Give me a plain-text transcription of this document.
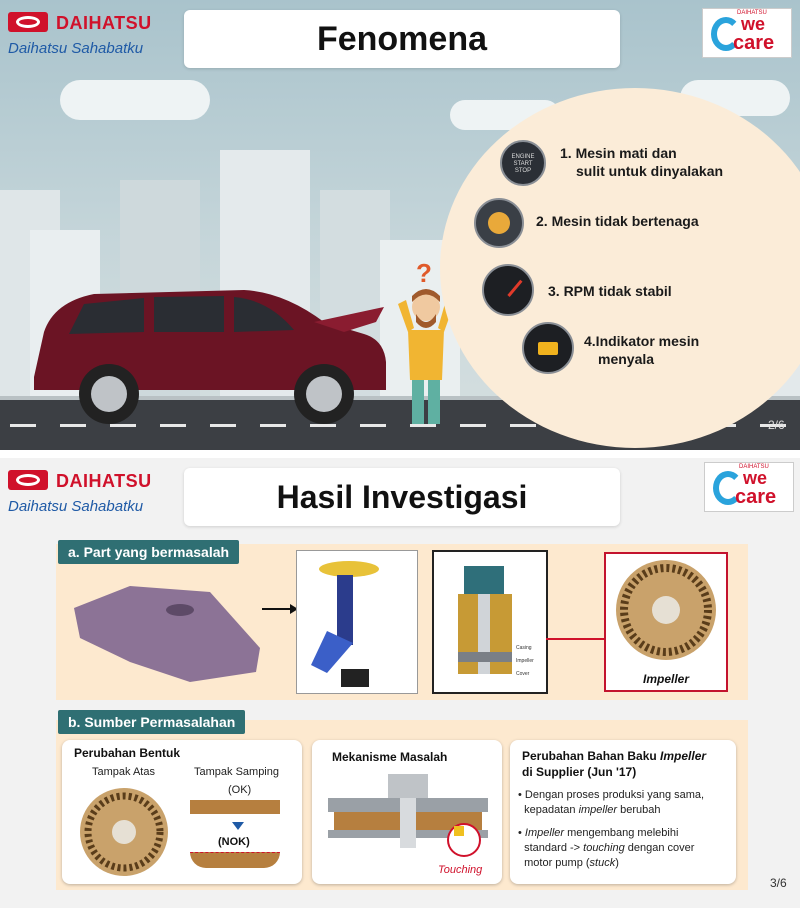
?
ENGINE START STOP
1. Mesin mati dan
sulit untuk dinyalakan
2. Mesin tidak bertenaga
3. RPM tidak stabil
4.Indikator mesin
menyala
2/6
DAIHATSU
Daihatsu Sahabatku	Fenomena
DAIHATSU
we
care
DAIHATSU
Daihatsu Sahabatku	Hasil Investigasi
DAIHATSU
we
care
a. Part yang bermasalah
Casing
Impeller
Cover	Impeller
b. Sumber Permasalahan
Perubahan Bentuk
Tampak Atas	Tampak Samping
(OK)
(NOK)
Mekanisme Masalah
Touching
Perubahan Bahan Baku Impeller
di Supplier (Jun '17)
• Dengan proses produksi yang sama,
kepadatan impeller berubah
• Impeller mengembang melebihi
standard -> touching dengan cover
motor pump (stuck)
3/6
